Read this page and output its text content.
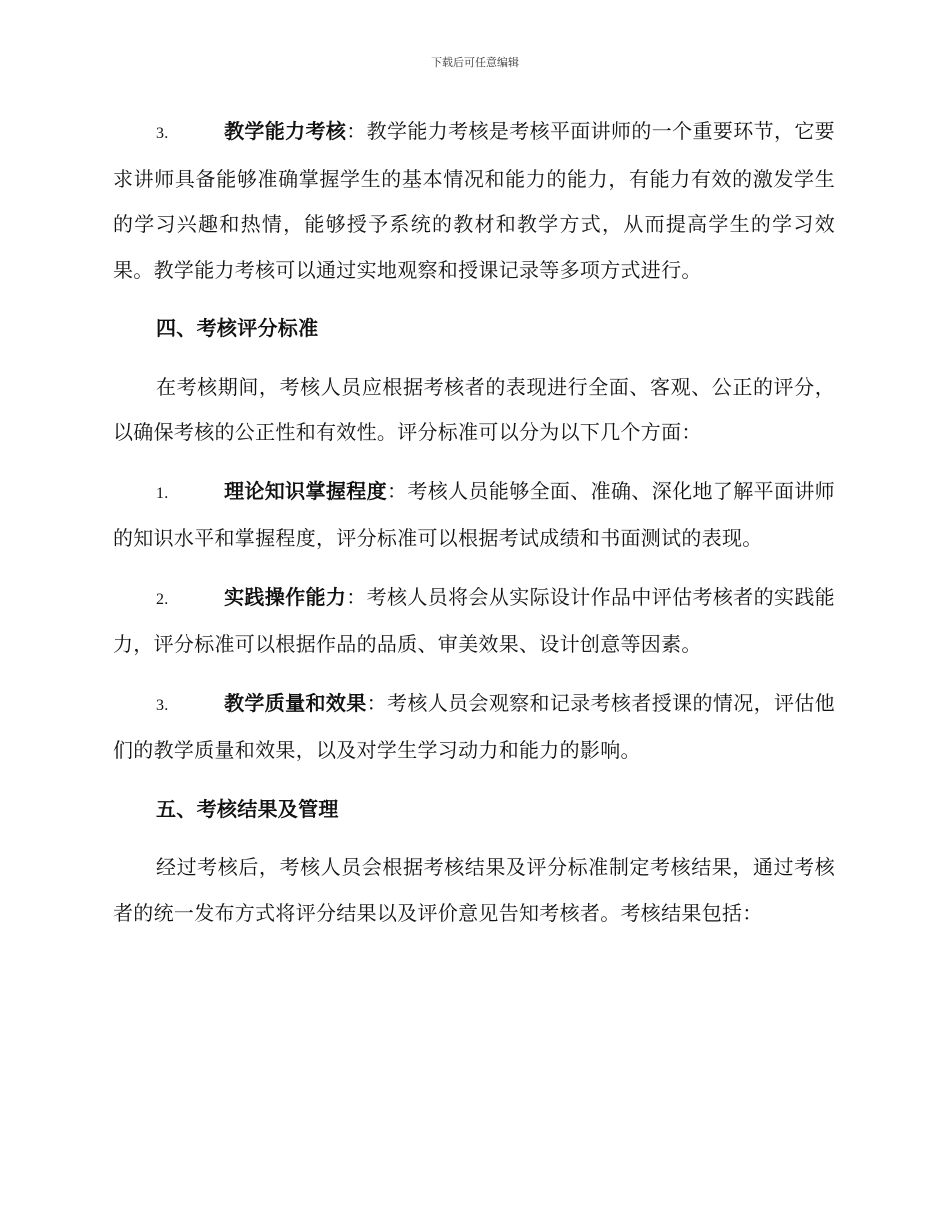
下载后可任意编辑

3.	教学能力考核：教学能力考核是考核平面讲师的一个重要环节，它要求讲师具备能够准确掌握学生的基本情况和能力的能力，有能力有效的激发学生的学习兴趣和热情，能够授予系统的教材和教学方式，从而提高学生的学习效果。教学能力考核可以通过实地观察和授课记录等多项方式进行。

四、考核评分标准

在考核期间，考核人员应根据考核者的表现进行全面、客观、公正的评分，以确保考核的公正性和有效性。评分标准可以分为以下几个方面：

1.	理论知识掌握程度：考核人员能够全面、准确、深化地了解平面讲师的知识水平和掌握程度，评分标准可以根据考试成绩和书面测试的表现。

2.	实践操作能力：考核人员将会从实际设计作品中评估考核者的实践能力，评分标准可以根据作品的品质、审美效果、设计创意等因素。

3.	教学质量和效果：考核人员会观察和记录考核者授课的情况，评估他们的教学质量和效果，以及对学生学习动力和能力的影响。

五、考核结果及管理

经过考核后，考核人员会根据考核结果及评分标准制定考核结果，通过考核者的统一发布方式将评分结果以及评价意见告知考核者。考核结果包括：
